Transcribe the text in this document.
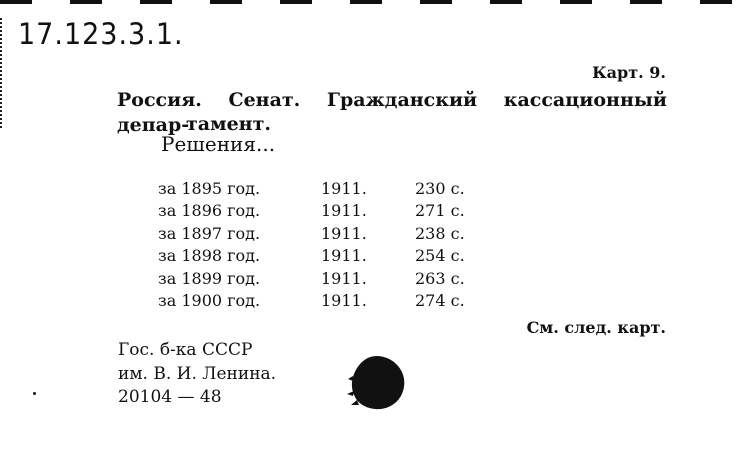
17.123.3.1.
Карт. 9.
Россия. Сенат. Гражданский кассационный депар-
тамент.
Решения...
за 1895 год.	1911.	230 с.
за 1896 год.	1911.	271 с.
за 1897 год.	1911.	238 с.
за 1898 год.	1911.	254 с.
за 1899 год.	1911.	263 с.
за 1900 год.	1911.	274 с.
См. след. карт.
Гос. б-ка СССР
им. В. И. Ленина.
20104 — 48
